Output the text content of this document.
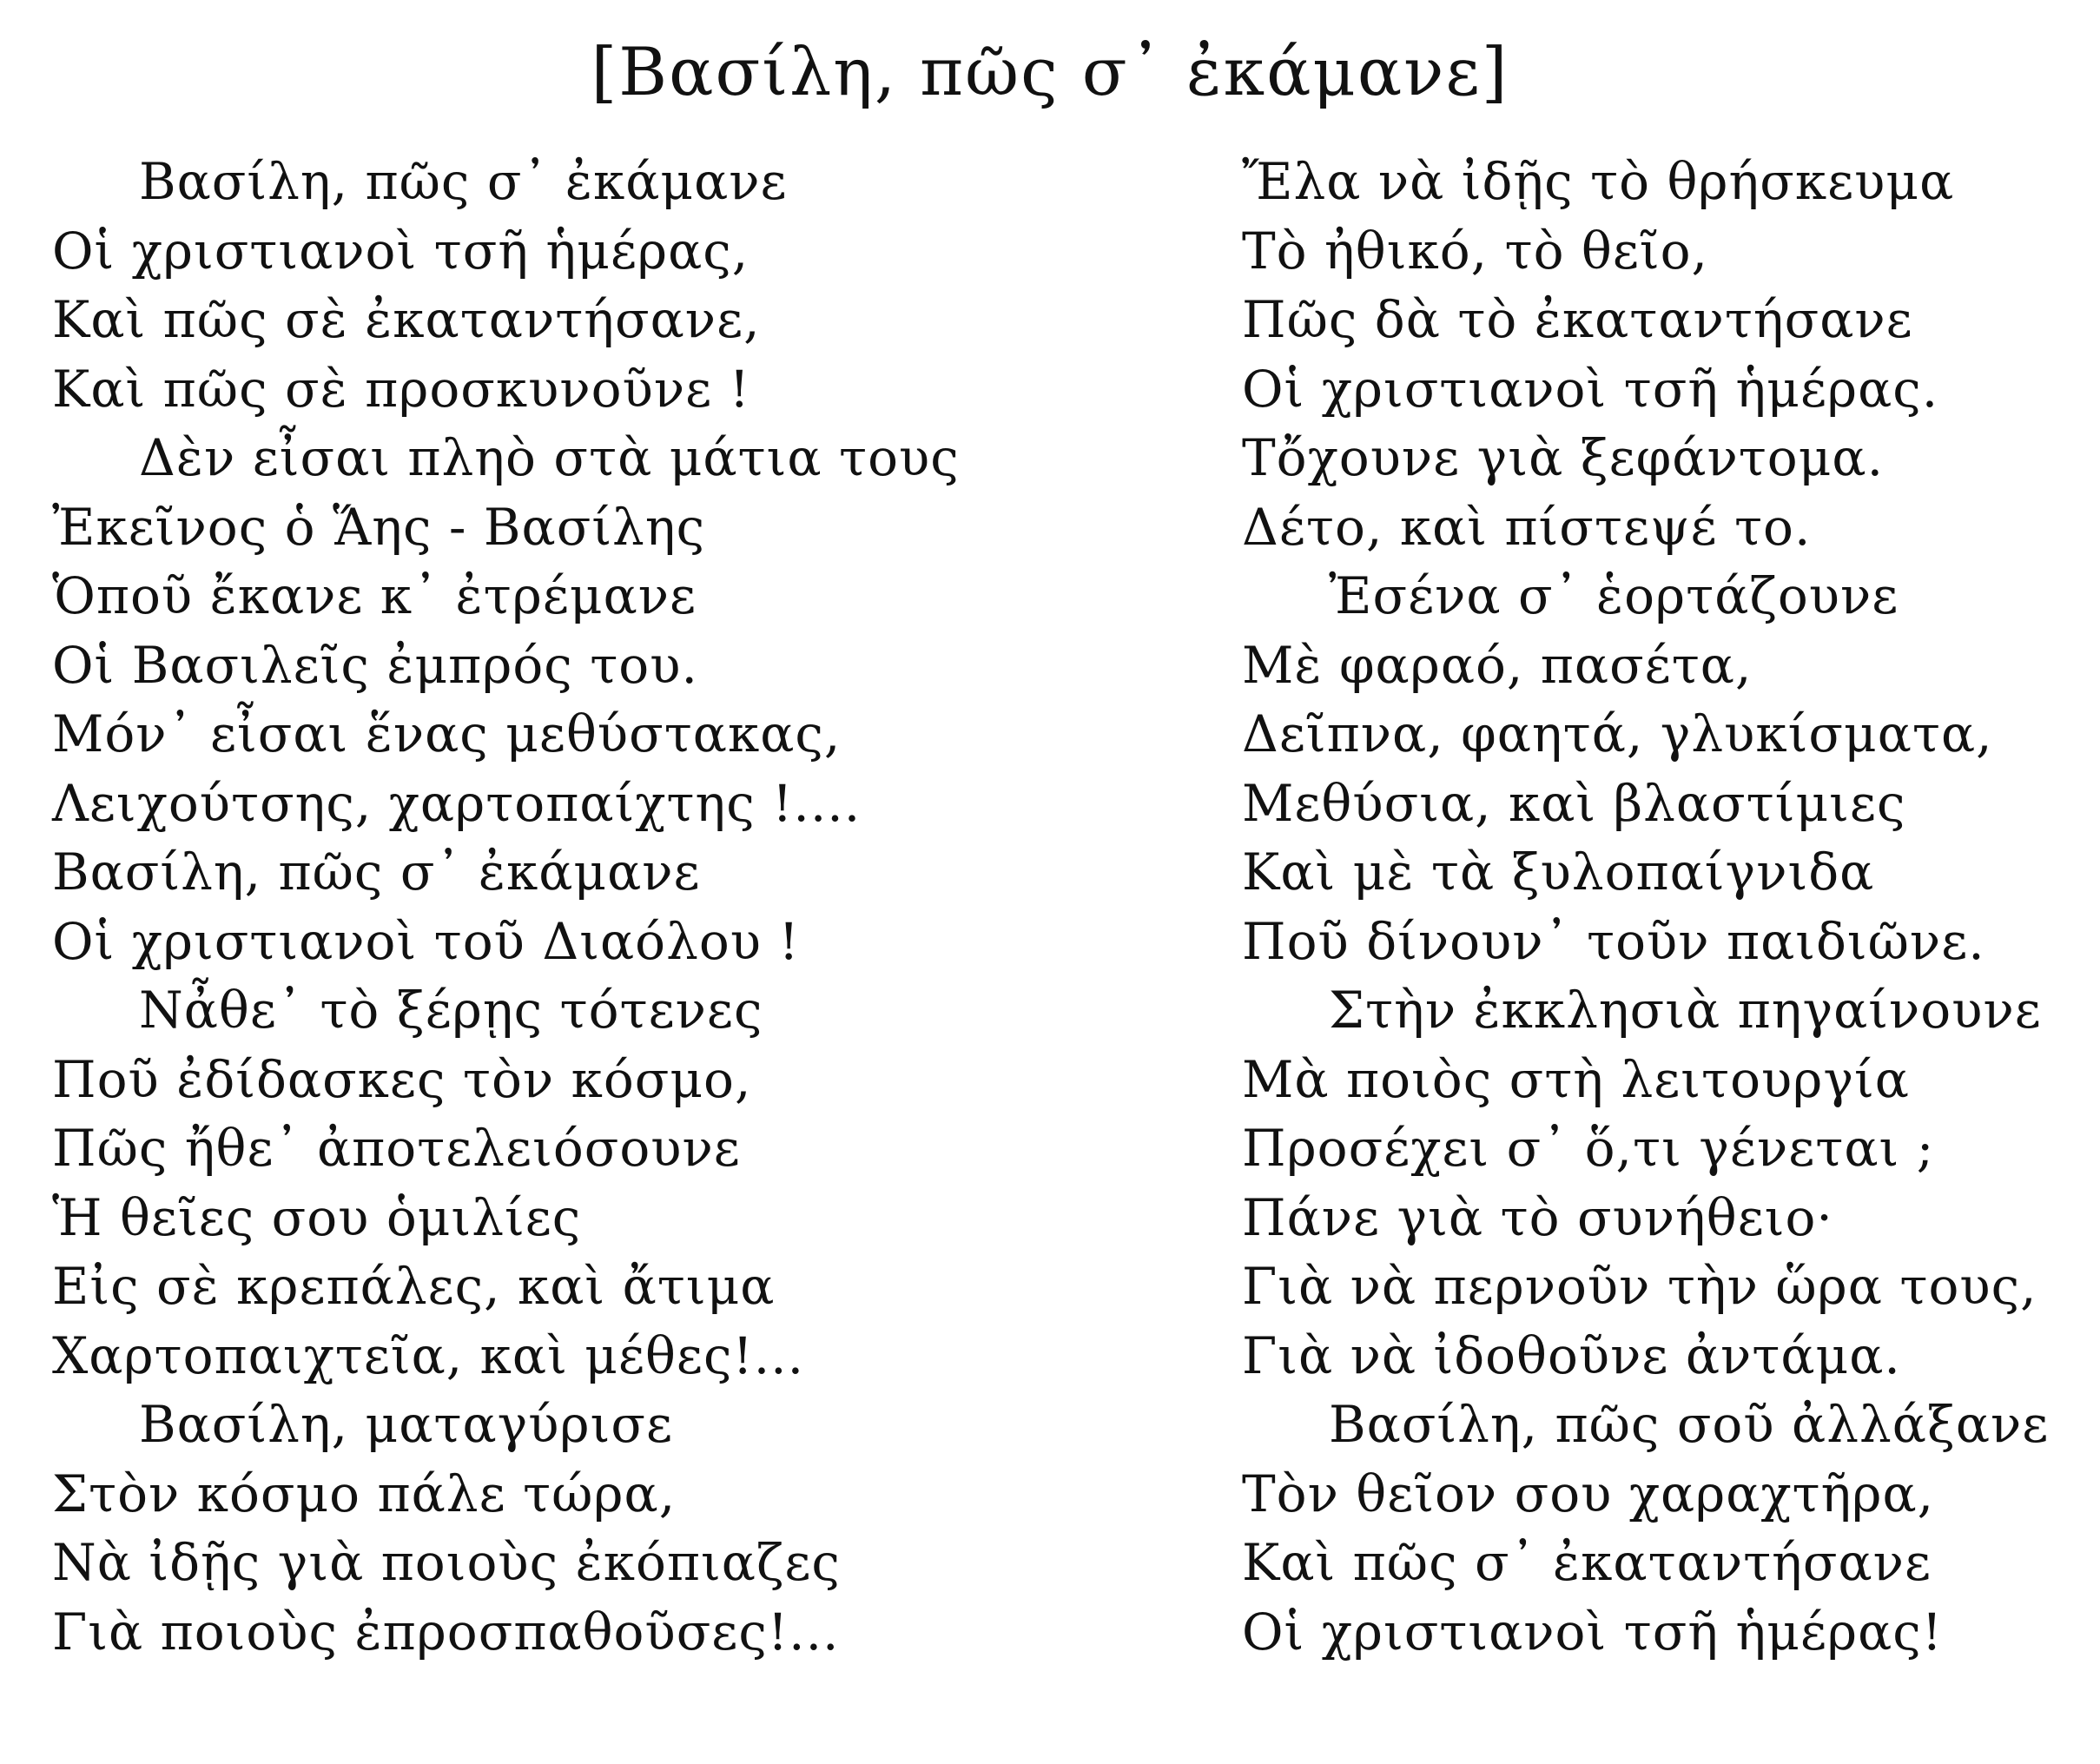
[Βασίλη, πῶς σ᾽ ἐκάμανε]
Βασίλη, πῶς σ᾽ ἐκάμανε
Οἱ χριστιανοὶ τσῆ ἡμέρας,
Καὶ πῶς σὲ ἐκαταντήσανε,
Καὶ πῶς σὲ προσκυνοῦνε !
Δὲν εἶσαι πληὸ στὰ μάτια τους
Ἐκεῖνος ὁ Ἅης - Βασίλης
Ὁποῦ ἔκανε κ᾽ ἐτρέμανε
Οἱ Βασιλεῖς ἐμπρός του.
Μόν᾽ εἶσαι ἕνας μεθύστακας,
Λειχούτσης, χαρτοπαίχτης !....
Βασίλη, πῶς σ᾽ ἐκάμανε
Οἱ χριστιανοὶ τοῦ Διαόλου !
Νἆθε᾽ τὸ ξέρῃς τότενες
Ποῦ ἐδίδασκες τὸν κόσμο,
Πῶς ἤθε᾽ ἀποτελειόσουνε
Ἡ θεῖες σου ὁμιλίες
Εἰς σὲ κρεπάλες, καὶ ἄτιμα
Χαρτοπαιχτεῖα, καὶ μέθες!...
Βασίλη, ματαγύρισε
Στὸν κόσμο πάλε τώρα,
Νὰ ἰδῇς γιὰ ποιοὺς ἐκόπιαζες
Γιὰ ποιοὺς ἐπροσπαθοῦσες!...
Ἔλα νὰ ἰδῇς τὸ θρήσκευμα
Τὸ ἠθικό, τὸ θεῖο,
Πῶς δὰ τὸ ἐκαταντήσανε
Οἱ χριστιανοὶ τσῆ ἡμέρας.
Τὄχουνε γιὰ ξεφάντομα.
Δέτο, καὶ πίστεψέ το.
Ἐσένα σ᾽ ἑορτάζουνε
Μὲ φαραό, πασέτα,
Δεῖπνα, φαητά, γλυκίσματα,
Μεθύσια, καὶ βλαστίμιες
Καὶ μὲ τὰ ξυλοπαίγνιδα
Ποῦ δίνουν᾽ τοῦν παιδιῶνε.
Στὴν ἐκκλησιὰ πηγαίνουνε
Μὰ ποιὸς στὴ λειτουργία
Προσέχει σ᾽ ὅ,τι γένεται ;
Πάνε γιὰ τὸ συνήθειο·
Γιὰ νὰ περνοῦν τὴν ὥρα τους,
Γιὰ νὰ ἰδοθοῦνε ἀντάμα.
Βασίλη, πῶς σοῦ ἀλλάξανε
Τὸν θεῖον σου χαραχτῆρα,
Καὶ πῶς σ᾽ ἐκαταντήσανε
Οἱ χριστιανοὶ τσῆ ἡμέρας!
